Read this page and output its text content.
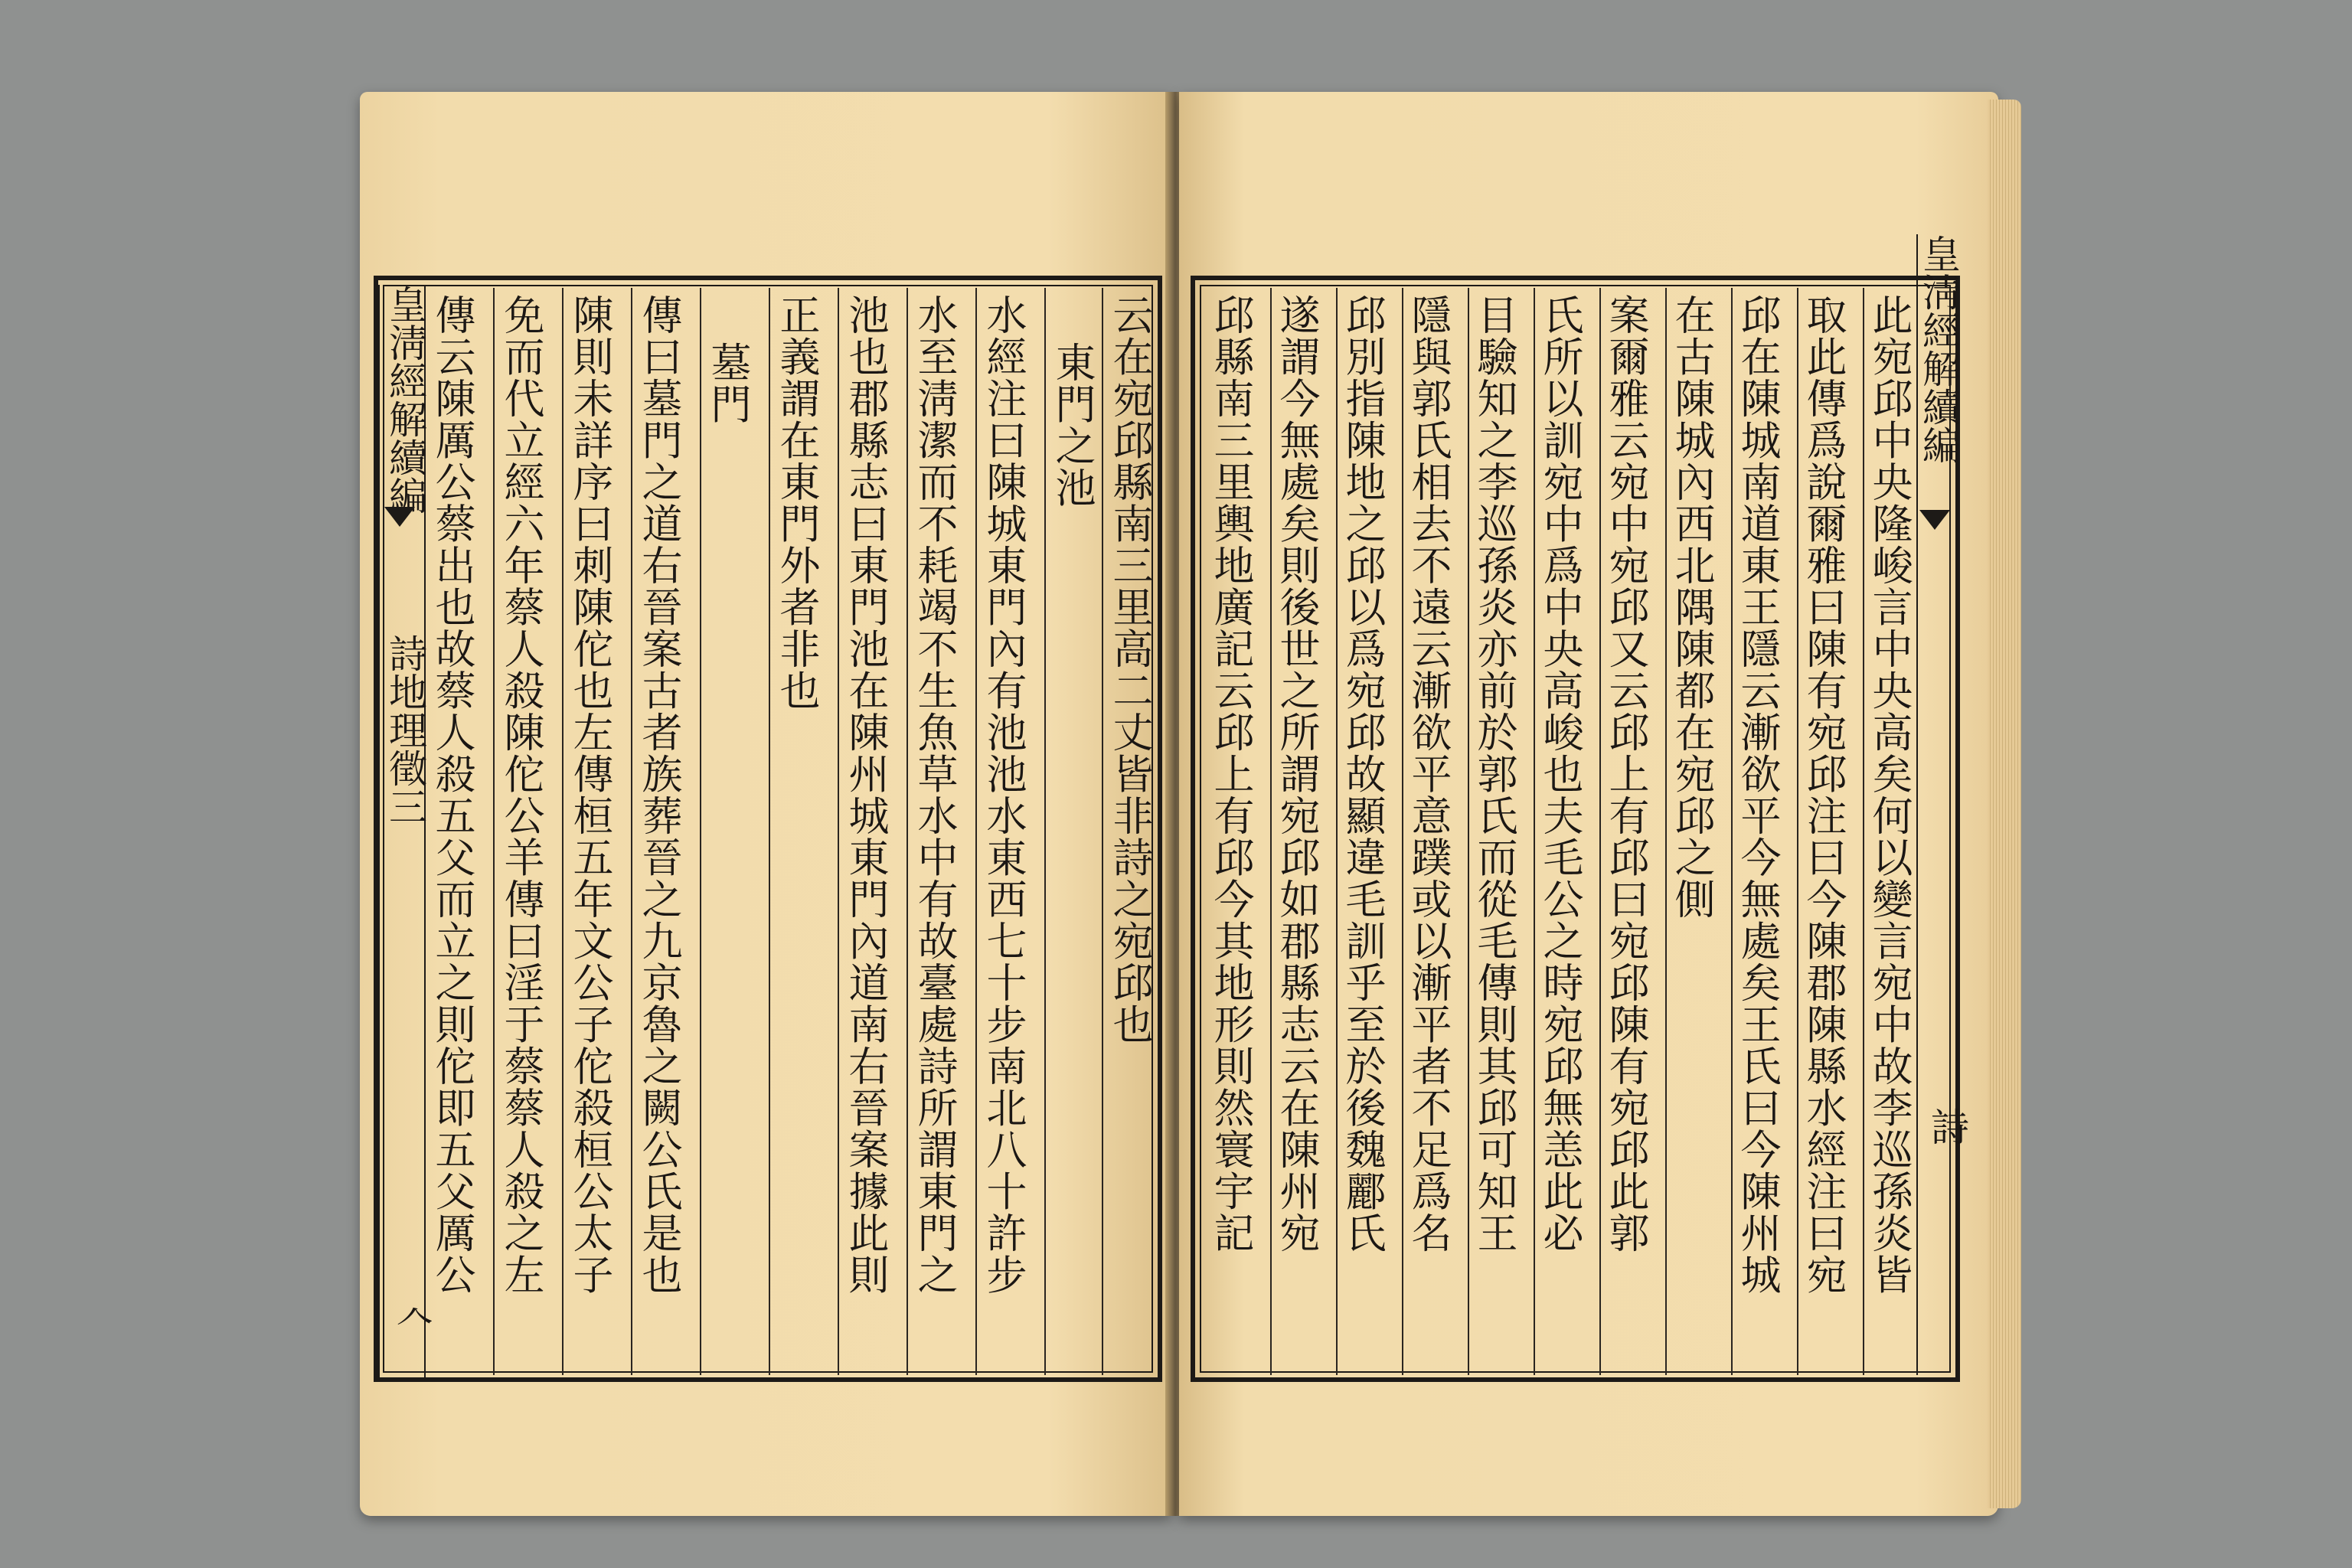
皇淸經解續編  詩地理徵三
𠆢
傳云陳厲公蔡出也故蔡人殺五父而立之則佗即五父厲公 免而代立經六年蔡人殺陳佗公羊傳曰淫于蔡蔡人殺之左 陳則未詳序曰刺陳佗也左傳桓五年文公子佗殺桓公太子 傳曰墓門之道右晉案古者族葬晉之九京魯之闕公氏是也 墓門 正義謂在東門外者非也 池也郡縣志曰東門池在陳州城東門內道南右晉案據此則 水至淸潔而不耗竭不生魚草水中有故臺處詩所謂東門之 水經注曰陳城東門內有池池水東西七十步南北八十許步 東門之池 云在宛邱縣南三里高二丈皆非詩之宛邱也 邱縣南三里輿地廣記云邱上有邱今其地形則然寰宇記 遂謂今無處矣則後世之所謂宛邱如郡縣志云在陳州宛 邱別指陳地之邱以爲宛邱故顯違毛訓乎至於後魏酈氏 隱與郭氏相去不遠云漸欲平意蹼或以漸平者不足爲名 目驗知之李巡孫炎亦前於郭氏而從毛傳則其邱可知王 氏所以訓宛中爲中央高峻也夫毛公之時宛邱無恙此必 案爾雅云宛中宛邱又云邱上有邱曰宛邱陳有宛邱此郭 在古陳城內西北隅陳都在宛邱之側 邱在陳城南道東王隱云漸欲平今無處矣王氏曰今陳州城 取此傳爲說爾雅曰陳有宛邱注曰今陳郡陳縣水經注曰宛 此宛邱中央隆峻言中央高矣何以變言宛中故李巡孫炎皆 皇淸經解續編
詩
